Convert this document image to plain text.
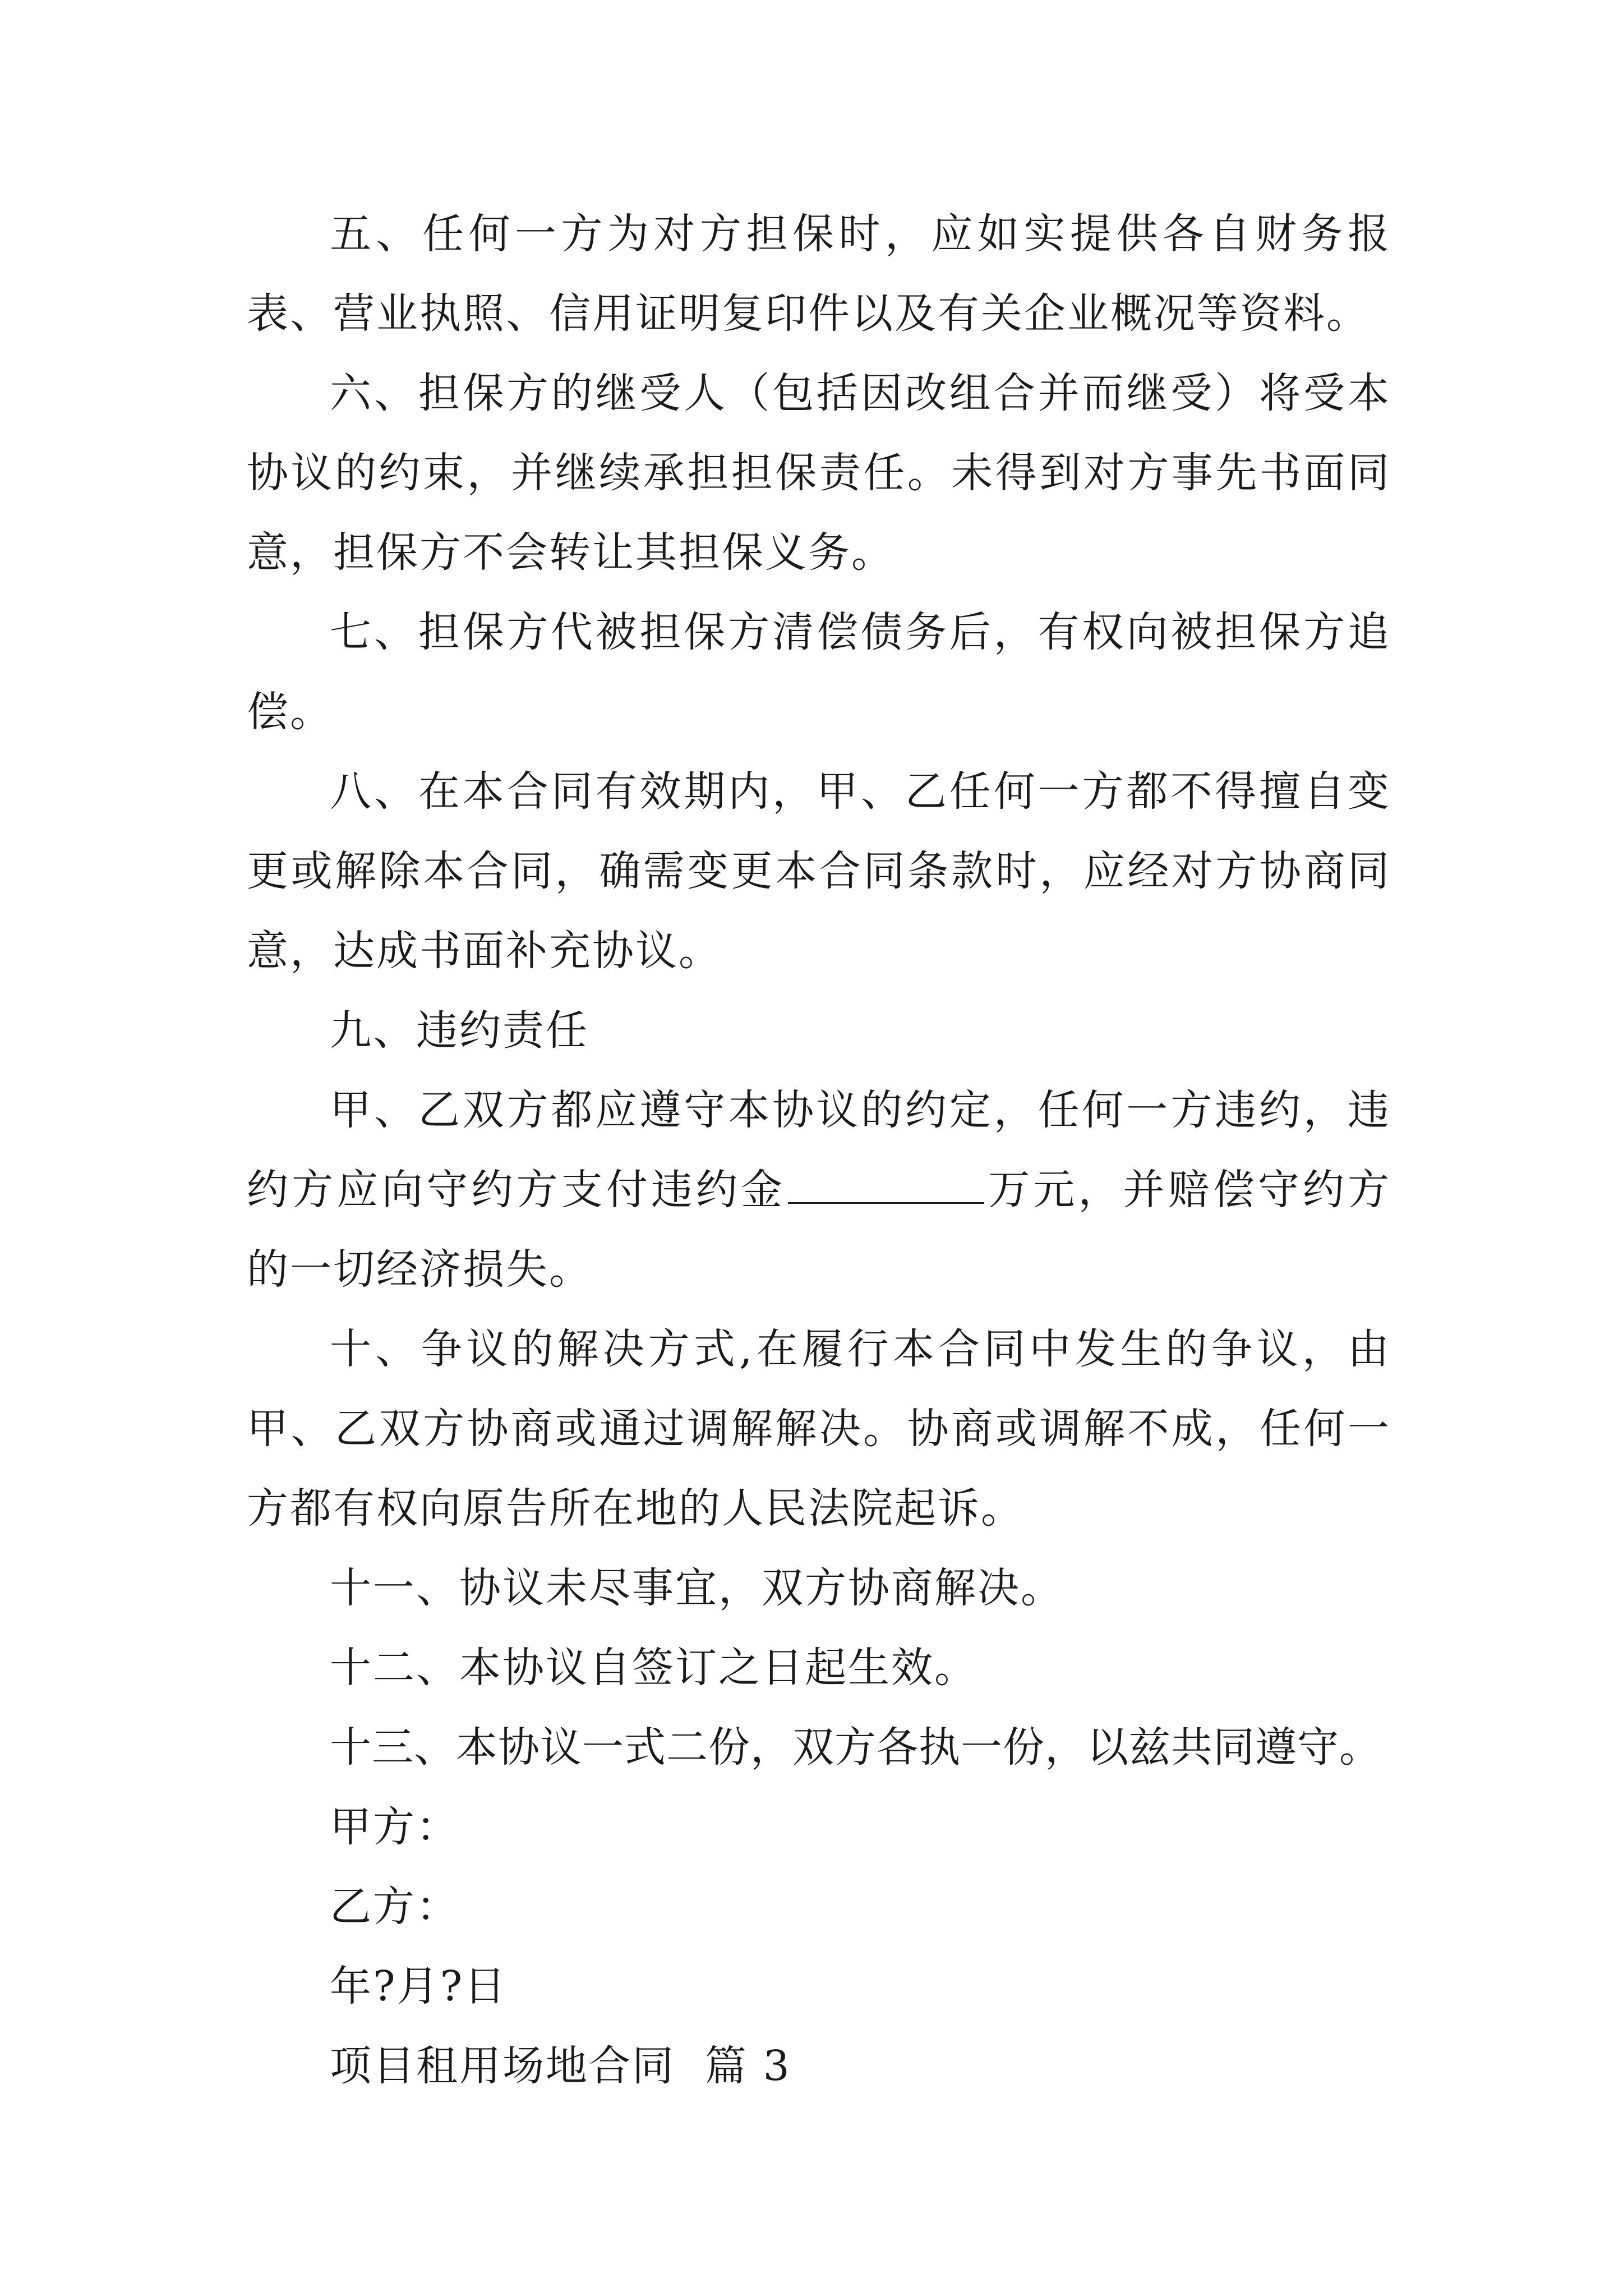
五、任何一方为对方担保时，应如实提供各自财务报表、营业执照、信用证明复印件以及有关企业概况等资料。

六、担保方的继受人（包括因改组合并而继受）将受本协议的约束，并继续承担担保责任。未得到对方事先书面同意，担保方不会转让其担保义务。

七、担保方代被担保方清偿债务后，有权向被担保方追偿。

八、在本合同有效期内，甲、乙任何一方都不得擅自变更或解除本合同，确需变更本合同条款时，应经对方协商同意，达成书面补充协议。

九、违约责任

甲、乙双方都应遵守本协议的约定，任何一方违约，违约方应向守约方支付违约金	万元，并赔偿守约方的一切经济损失。

十、争议的解决方式,在履行本合同中发生的争议，由甲、乙双方协商或通过调解解决。协商或调解不成，任何一方都有权向原告所在地的人民法院起诉。

十一、协议未尽事宜，双方协商解决。

十二、本协议自签订之日起生效。

十三、本协议一式二份，双方各执一份，以兹共同遵守。

甲方：

乙方：

年?月?日

项目租用场地合同  篇 3
